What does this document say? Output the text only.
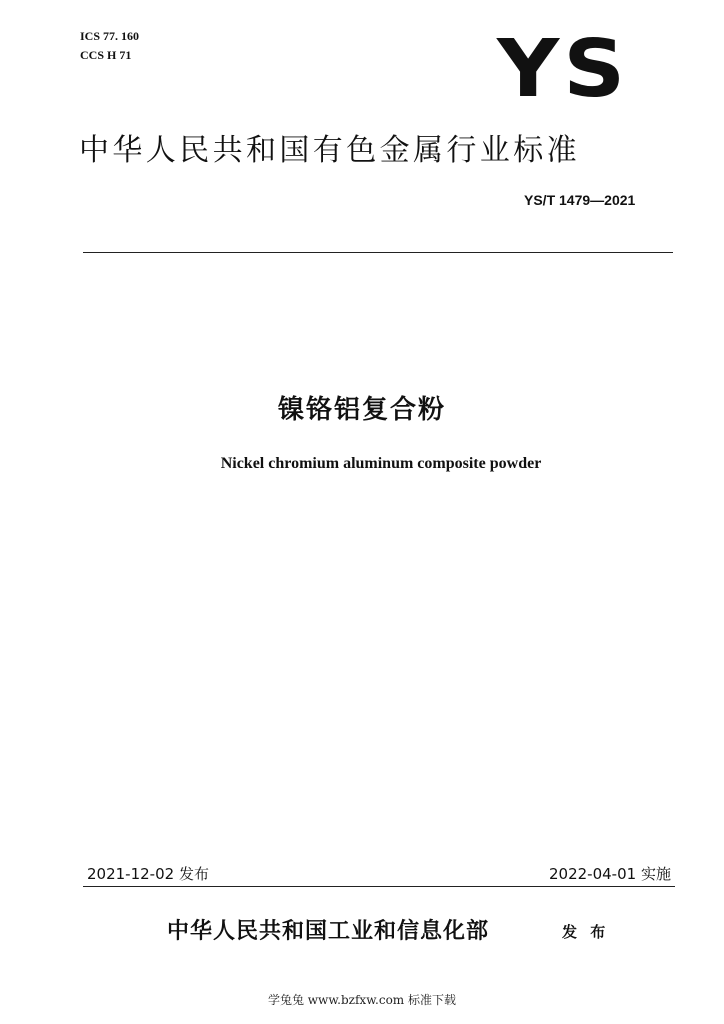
ICS 77. 160
CCS H 71	YS
中华人民共和国有色金属行业标准
YS/T 1479—2021
镍铬铝复合粉
Nickel chromium aluminum composite powder
2021-12-02 发布	2022-04-01 实施
中华人民共和国工业和信息化部	发 布
学兔兔 www.bzfxw.com 标准下载
